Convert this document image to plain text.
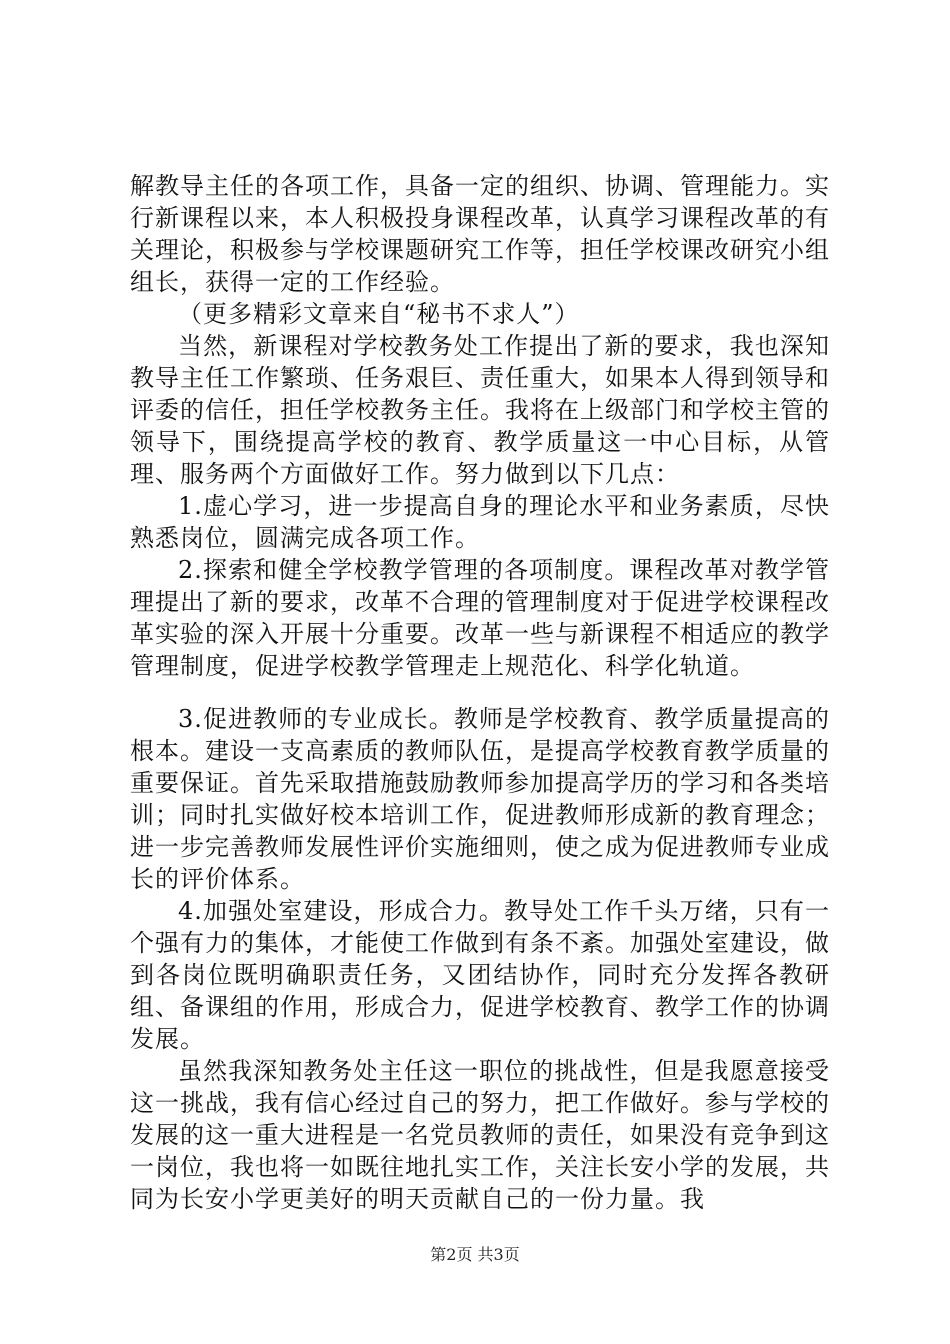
解教导主任的各项工作，具备一定的组织、协调、管理能力。实行新课程以来，本人积极投身课程改革，认真学习课程改革的有关理论，积极参与学校课题研究工作等，担任学校课改研究小组组长，获得一定的工作经验。

（更多精彩文章来自“秘书不求人”）

当然，新课程对学校教务处工作提出了新的要求，我也深知教导主任工作繁琐、任务艰巨、责任重大，如果本人得到领导和评委的信任，担任学校教务主任。我将在上级部门和学校主管的领导下，围绕提高学校的教育、教学质量这一中心目标，从管理、服务两个方面做好工作。努力做到以下几点：

1.虚心学习，进一步提高自身的理论水平和业务素质，尽快熟悉岗位，圆满完成各项工作。

2.探索和健全学校教学管理的各项制度。课程改革对教学管理提出了新的要求，改革不合理的管理制度对于促进学校课程改革实验的深入开展十分重要。改革一些与新课程不相适应的教学管理制度，促进学校教学管理走上规范化、科学化轨道。

3.促进教师的专业成长。教师是学校教育、教学质量提高的根本。建设一支高素质的教师队伍，是提高学校教育教学质量的重要保证。首先采取措施鼓励教师参加提高学历的学习和各类培训；同时扎实做好校本培训工作，促进教师形成新的教育理念；进一步完善教师发展性评价实施细则，使之成为促进教师专业成长的评价体系。

4.加强处室建设，形成合力。教导处工作千头万绪，只有一个强有力的集体，才能使工作做到有条不紊。加强处室建设，做到各岗位既明确职责任务，又团结协作，同时充分发挥各教研组、备课组的作用，形成合力，促进学校教育、教学工作的协调发展。

虽然我深知教务处主任这一职位的挑战性，但是我愿意接受这一挑战，我有信心经过自己的努力，把工作做好。参与学校的发展的这一重大进程是一名党员教师的责任，如果没有竞争到这一岗位，我也将一如既往地扎实工作，关注长安小学的发展，共同为长安小学更美好的明天贡献自己的一份力量。我

第2页 共3页
